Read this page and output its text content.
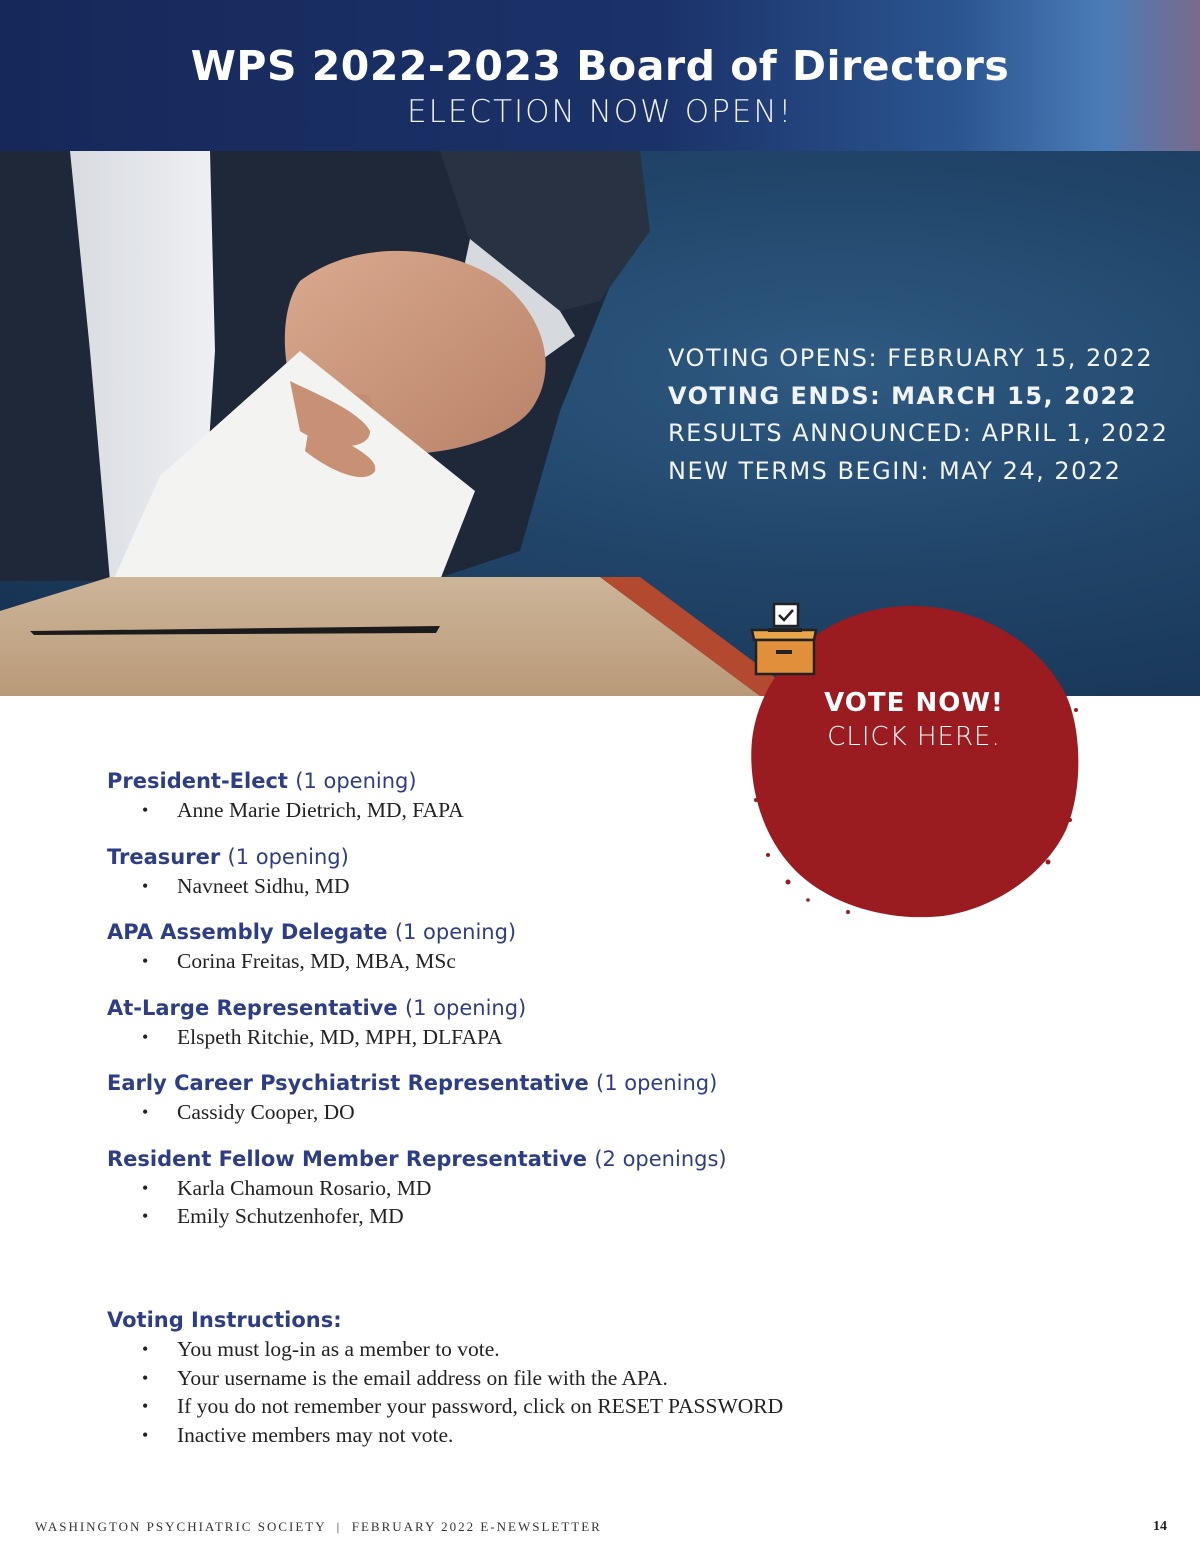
WPS 2022-2023 Board of Directors
ELECTION NOW OPEN!
VOTING OPENS: FEBRUARY 15, 2022
VOTING ENDS: MARCH 15, 2022
RESULTS ANNOUNCED: APRIL 1, 2022
NEW TERMS BEGIN: MAY 24, 2022
VOTE NOW!
CLICK HERE.
President-Elect (1 opening)
• Anne Marie Dietrich, MD, FAPA
Treasurer (1 opening)
• Navneet Sidhu, MD
APA Assembly Delegate (1 opening)
• Corina Freitas, MD, MBA, MSc
At-Large Representative (1 opening)
• Elspeth Ritchie, MD, MPH, DLFAPA
Early Career Psychiatrist Representative (1 opening)
• Cassidy Cooper, DO
Resident Fellow Member Representative (2 openings)
• Karla Chamoun Rosario, MD
• Emily Schutzenhofer, MD
Voting Instructions:
• You must log-in as a member to vote.
• Your username is the email address on file with the APA.
• If you do not remember your password, click on RESET PASSWORD
• Inactive members may not vote.
WASHINGTON PSYCHIATRIC SOCIETY  |  FEBRUARY 2022 E-NEWSLETTER	14
